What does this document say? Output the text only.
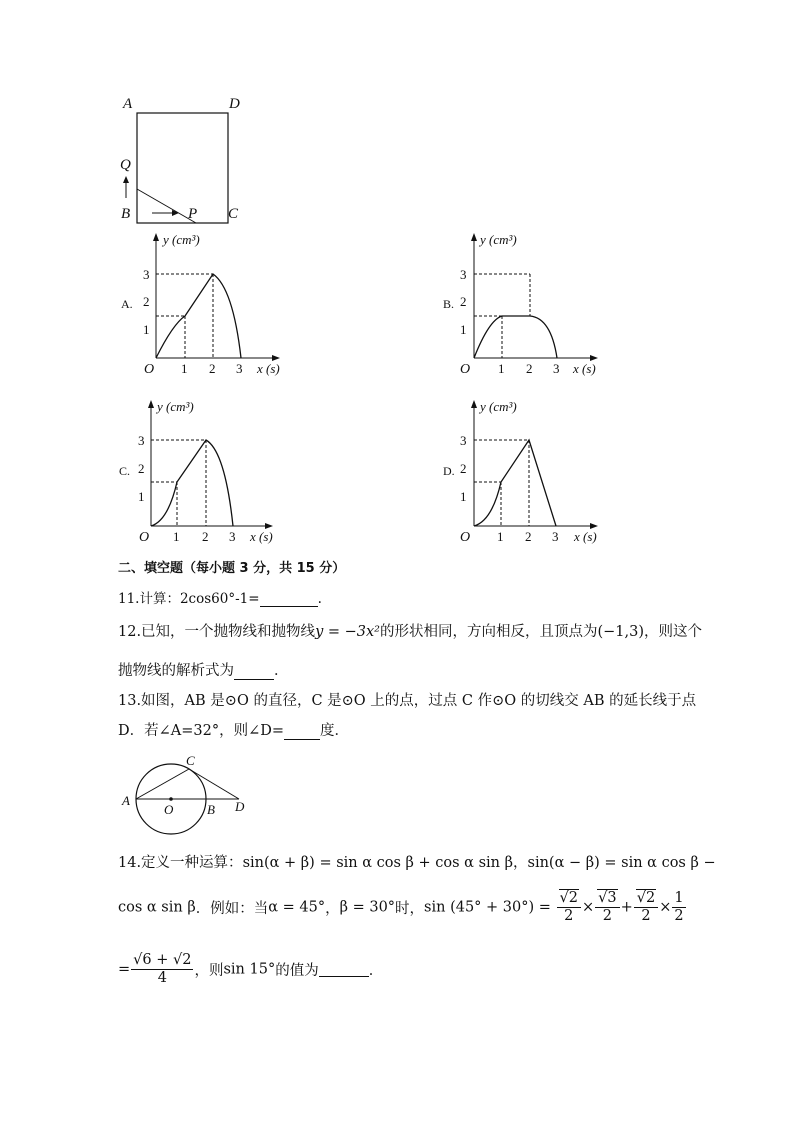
A	D
Q
B	P C
A.
O 1 2 3
1
2
3
y (cm³)
x (s)
B.
O 1 2 3
1
2
3
y (cm³)
x (s)
C.
O 1 2 3
1
2
3
y (cm³)
x (s)
D.
O 1 2 3
1
2
3
y (cm³)
x (s)
二、填空题（每小题 3 分，共 15 分）
11.计算：2cos60°-1=	.
12.已知，一个抛物线和抛物线y = −3x²的形状相同，方向相反，且顶点为(−1,3)，则这个
抛物线的解析式为	．
13.如图，AB 是⊙O 的直径，C 是⊙O 上的点，过点 C 作⊙O 的切线交 AB 的延长线于点
D．若∠A=32°，则∠D= 度．
A
O	B
C
D
14.定义一种运算：sin(α + β) = sin α cos β + cos α sin β，sin(α − β) = sin α cos β −
cos α sin β．例如：当α = 45°，β = 30°时，$\sin (45^\circ + 30^\circ) = \frac{√2}{2} \times \frac{√3}{2} + \frac{√2}{2} \times \frac{1}{2}$
= $\frac{√6 + √2}{4}$ ，则sin 15°的值为	．
